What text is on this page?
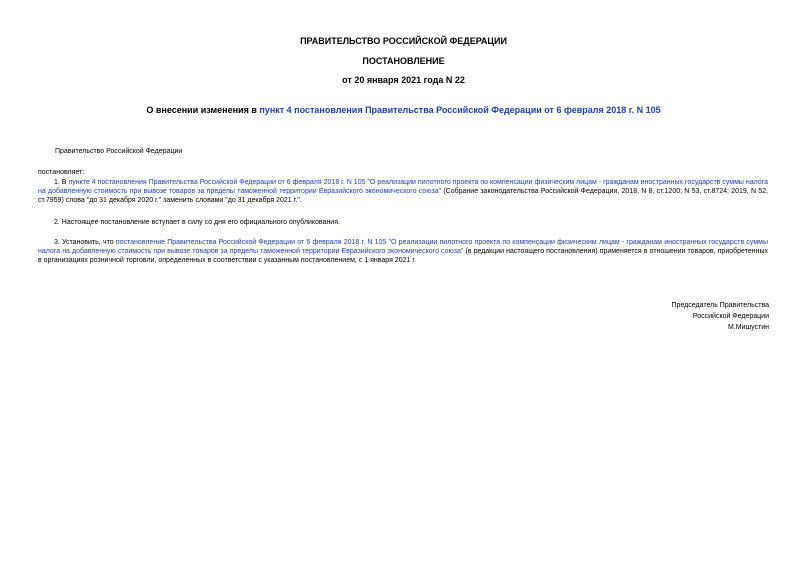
ПРАВИТЕЛЬСТВО РОССИЙСКОЙ ФЕДЕРАЦИИ
ПОСТАНОВЛЕНИЕ
от 20 января 2021 года N 22
О внесении изменения в пункт 4 постановления Правительства Российской Федерации от 6 февраля 2018 г. N 105
Правительство Российской Федерации
постановляет:
1. В пункте 4 постановления Правительства Российской Федерации от 6 февраля 2018 г. N 105 "О реализации пилотного проекта по компенсации физическим лицам - гражданам иностранных государств суммы налога на добавленную стоимость при вывозе товаров за пределы таможенной территории Евразийского экономического союза" (Собрание законодательства Российской Федерации, 2018, N 8, ст.1200; N 53, ст.8724; 2019, N 52, ст.7959) слова "до 31 декабря 2020 г." заменить словами "до 31 декабря 2021 г.".
2. Настоящее постановление вступает в силу со дня его официального опубликования.
3. Установить, что постановление Правительства Российской Федерации от 6 февраля 2018 г. N 105 "О реализации пилотного проекта по компенсации физическим лицам - гражданам иностранных государств суммы налога на добавленную стоимость при вывозе товаров за пределы таможенной территории Евразийского экономического союза" (в редакции настоящего постановления) применяется в отношении товаров, приобретенных в организациях розничной торговли, определенных в соответствии с указанным постановлением, с 1 января 2021 г.
Председатель Правительства
Российской Федерации
М.Мишустин
